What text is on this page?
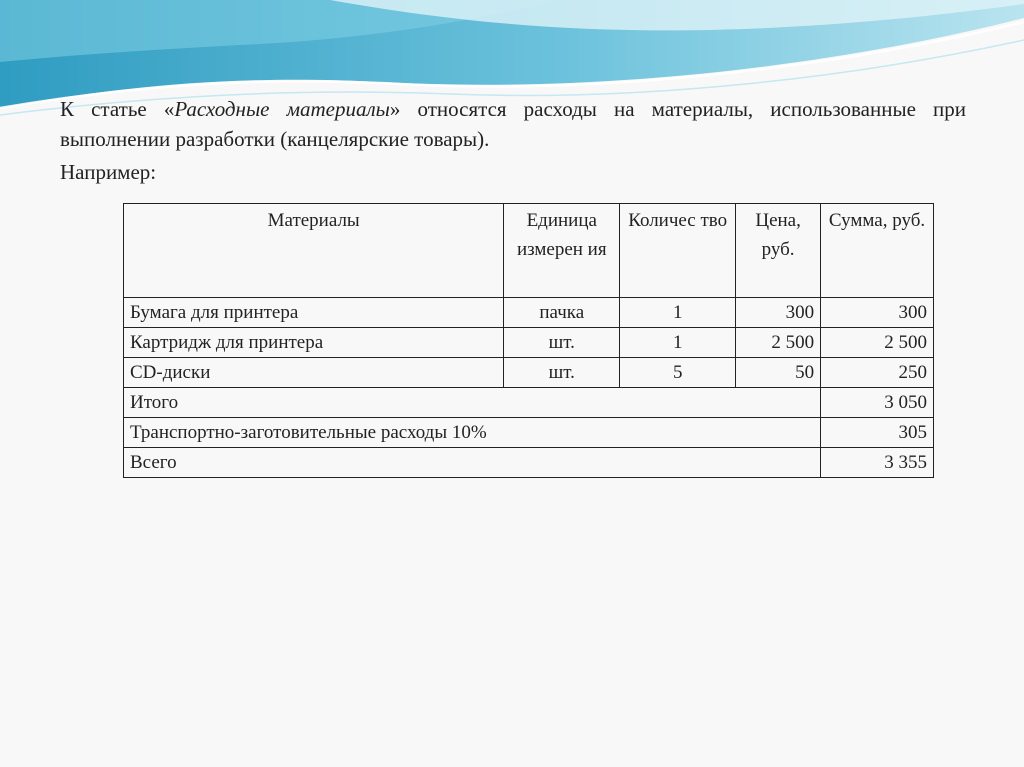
К статье «Расходные материалы» относятся расходы на материалы, использованные при выполнении разработки (канцелярские товары).

Например:

Материалы	Единица измерен ия	Количес тво	Цена, руб.	Сумма, руб.
Бумага для принтера	пачка	1	300	300
Картридж для принтера	шт.	1	2 500	2 500
CD-диски	шт.	5	50	250
Итого				3 050
Транспортно-заготовительные расходы 10%				305
Всего				3 355
